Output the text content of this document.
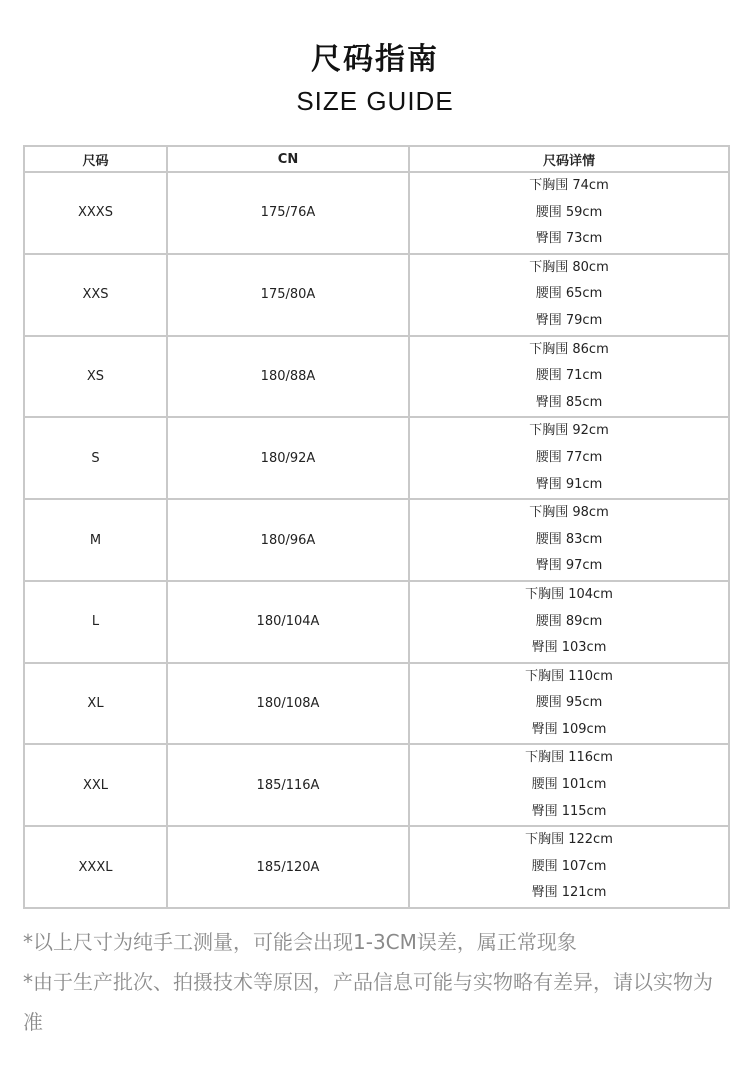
尺码指南
SIZE GUIDE
尺码	CN	尺码详情
XXXS	175/76A	下胸围 74cm
腰围 59cm
臀围 73cm

XXS	175/80A	下胸围 80cm
腰围 65cm
臀围 79cm

XS	180/88A	下胸围 86cm
腰围 71cm
臀围 85cm

S	180/92A	下胸围 92cm
腰围 77cm
臀围 91cm

M	180/96A	下胸围 98cm
腰围 83cm
臀围 97cm

L	180/104A	下胸围 104cm
腰围 89cm
臀围 103cm

XL	180/108A	下胸围 110cm
腰围 95cm
臀围 109cm

XXL	185/116A	下胸围 116cm
腰围 101cm
臀围 115cm

XXXL	185/120A	下胸围 122cm
腰围 107cm
臀围 121cm

*以上尺寸为纯手工测量，可能会出现1-3CM误差，属正常现象

*由于生产批次、拍摄技术等原因，产品信息可能与实物略有差异，请以实物为准
